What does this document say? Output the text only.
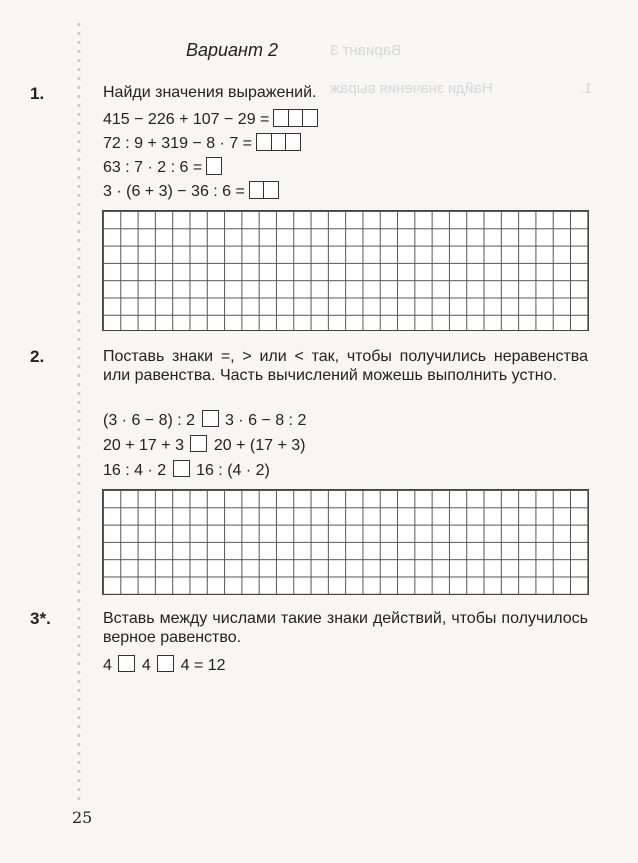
Вариант 3
Найди значения выраж	1.
Вариант 2
1.	Найди значения выражений.
415 − 226 + 107 − 29 =
72 : 9 + 319 − 8 · 7 =
63 : 7 · 2 : 6 =
3 · (6 + 3) − 36 : 6 =
2.	Поставь знаки =, > или < так, чтобы получились неравенства или равенства. Часть вычислений можешь выполнить устно.
(3 · 6 − 8) : 2 3 · 6 − 8 : 2
20 + 17 + 3 20 + (17 + 3)
16 : 4 · 2 16 : (4 · 2)
3*.	Вставь между числами такие знаки действий, чтобы получилось верное равенство.
4 4 4 = 12
25
